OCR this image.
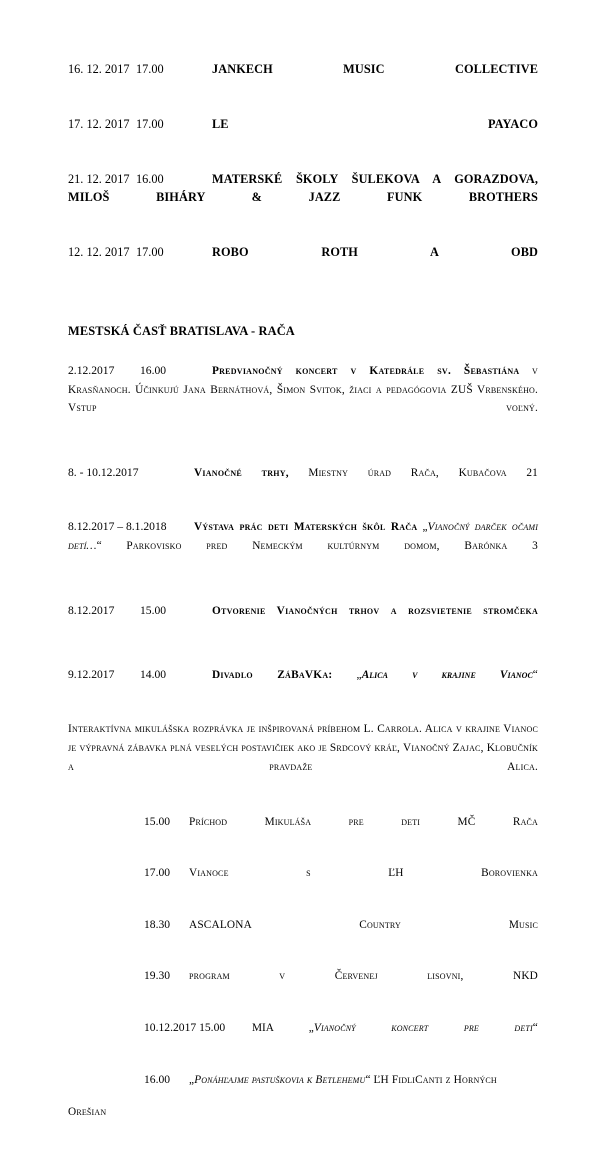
16. 12. 2017 17.00	JANKECH MUSIC COLLECTIVE
17. 12. 2017 17.00	LE PAYACO
21. 12. 2017 16.00	MATERSKÉ ŠKOLY ŠULEKOVA A GORAZDOVA, MILOŠ BIHÁRY & JAZZ FUNK BROTHERS
12. 12. 2017 17.00	ROBO ROTH A OBD
MESTSKÁ ČASŤ BRATISLAVA - RAČA
2.12.2017 16.00	Predvianočný koncert v Katedrále sv. Šebastiána v Krasňanoch. Účinkujú Jana Bernáthová, Šimon Svitok, žiaci a pedagógovia ZUŠ Vrbenského. Vstup voľný.
8. - 10.12.2017	Vianočné trhy, Miestny úrad Rača, Kubačova 21
8.12.2017 – 8.1.2018 Výstava prác deti Materských škôl Rača „Vianočný darček očami detí…“ Parkovisko pred Nemeckým kultúrnym domom, Barónka 3
8.12.2017 15.00	Otvorenie Vianočných trhov a rozsvietenie stromčeka
9.12.2017 14.00	Divadlo ZáBaVKa: „Alica v krajine Vianoc“
Interaktívna mikulášska rozprávka je inšpirovaná príbehom L. Carrola. Alica v krajine Vianoc je výpravná zábavka plná veselých postavičiek ako je Srdcový kráľ, Vianočný Zajac, Klobučník a pravdaže Alica.
15.00 Príchod Mikuláša pre deti MČ Rača
17.00 Vianoce s ĽH Borovienka
18.30 ASCALONA Country Music
19.30 program v Červenej lisovni, NKD
10.12.2017 15.00 MIA	„Vianočný koncert pre deti“
16.00 „Ponáhľajme pastuškovia k Betlehemu“ ĽH FidliCanti z Horných
Orešian
